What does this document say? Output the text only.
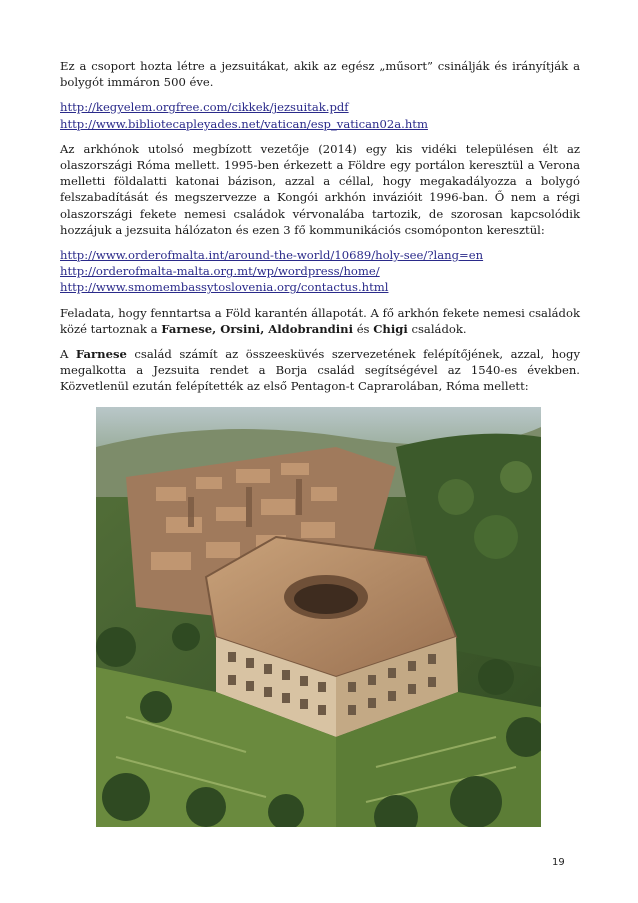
Ez a csoport hozta létre a jezsuitákat, akik az egész „műsort” csinálják és irányítják a bolygót immáron 500 éve.

http://kegyelem.orgfree.com/cikkek/jezsuitak.pdf
http://www.bibliotecapleyades.net/vatican/esp_vatican02a.htm

Az arkhónok utolsó megbízott vezetője (2014) egy kis vidéki településen élt az olaszországi Róma mellett. 1995-ben érkezett a Földre egy portálon keresztül a Verona melletti földalatti katonai bázison, azzal a céllal, hogy megakadályozza a bolygó felszabadítását és megszervezze a Kongói arkhón invázióit 1996-ban. Ő nem a régi olaszországi fekete nemesi családok vérvonalába tartozik, de szorosan kapcsolódik hozzájuk a jezsuita hálózaton és ezen 3 fő kommunikációs csomóponton keresztül:

http://www.orderofmalta.int/around-the-world/10689/holy-see/?lang=en
http://orderofmalta-malta.org.mt/wp/wordpress/home/
http://www.smomembassytoslovenia.org/contactus.html

Feladata, hogy fenntartsa a Föld karantén állapotát. A fő arkhón fekete nemesi családok közé tartoznak a Farnese, Orsini, Aldobrandini és Chigi családok.

A Farnese család számít az összeesküvés szervezetének felépítőjének, azzal, hogy megalkotta a Jezsuita rendet a Borja család segítségével az 1540-es években. Közvetlenül ezután felépítették az első Pentagon-t Caprarolában, Róma mellett:

19
